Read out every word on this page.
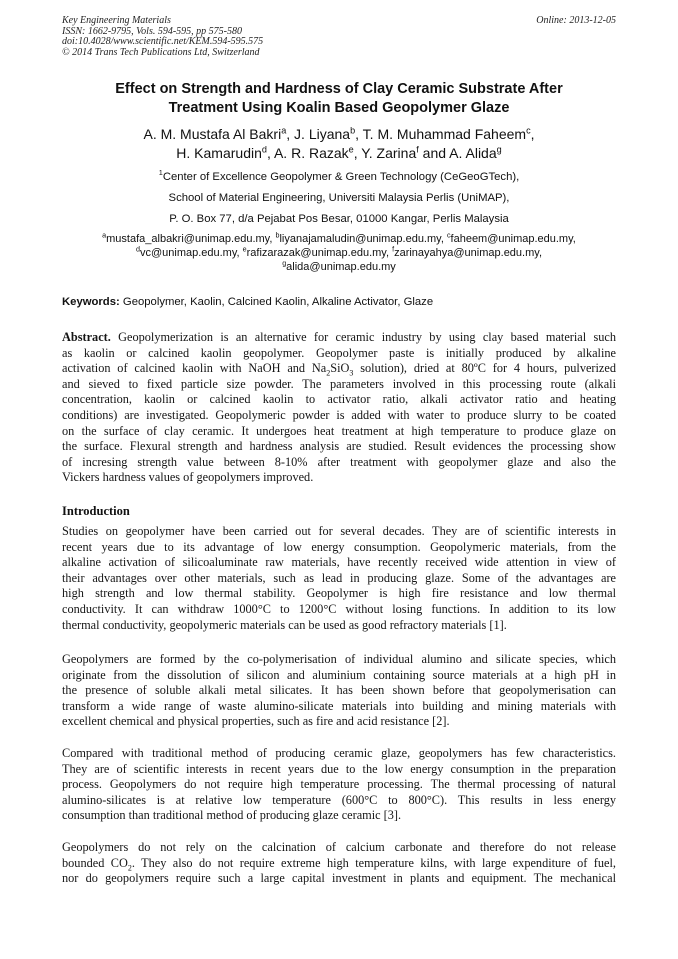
Key Engineering Materials
ISSN: 1662-9795, Vols. 594-595, pp 575-580
doi:10.4028/www.scientific.net/KEM.594-595.575
© 2014 Trans Tech Publications Ltd, Switzerland
Online: 2013-12-05
Effect on Strength and Hardness of Clay Ceramic Substrate After
Treatment Using Koalin Based Geopolymer Glaze
A. M. Mustafa Al Bakri$^a$, J. Liyana$^b$, T. M. Muhammad Faheem$^c$,
H. Kamarudin$^d$, A. R. Razak$^e$, Y. Zarina$^f$ and A. Alida$^g$
$^1$Center of Excellence Geopolymer & Green Technology (CeGeoGTech),
School of Material Engineering, Universiti Malaysia Perlis (UniMAP),
P. O. Box 77, d/a Pejabat Pos Besar, 01000 Kangar, Perlis Malaysia
$^a$mustafa_albakri@unimap.edu.my, $^b$liyanajamaludin@unimap.edu.my, $^c$faheem@unimap.edu.my,
$^d$vc@unimap.edu.my, $^e$rafizarazak@unimap.edu.my, $^f$zarinayahya@unimap.edu.my,
$^g$alida@unimap.edu.my
Keywords: Geopolymer, Kaolin, Calcined Kaolin, Alkaline Activator, Glaze
Abstract. Geopolymerization is an alternative for ceramic industry by using clay based material such
as kaolin or calcined kaolin geopolymer. Geopolymer paste is initially produced by alkaline
activation of calcined kaolin with NaOH and $Na_2SiO_3$ solution), dried at 80ºC for 4 hours, pulverized
and sieved to fixed particle size powder. The parameters involved in this processing route (alkali
concentration, kaolin or calcined kaolin to activator ratio, alkali activator ratio and heating
conditions) are investigated. Geopolymeric powder is added with water to produce slurry to be coated
on the surface of clay ceramic. It undergoes heat treatment at high temperature to produce glaze on
the surface. Flexural strength and hardness analysis are studied. Result evidences the processing show
of incresing strength value between 8-10% after treatment with geopolymer glaze and also the
Vickers hardness values of geopolymers improved.
Introduction
Studies on geopolymer have been carried out for several decades. They are of scientific interests in
recent years due to its advantage of low energy consumption. Geopolymeric materials, from the
alkaline activation of silicoaluminate raw materials, have recently received wide attention in view of
their advantages over other materials, such as lead in producing glaze. Some of the advantages are
high strength and low thermal stability. Geopolymer is high fire resistance and low thermal
conductivity. It can withdraw 1000°C to 1200°C without losing functions. In addition to its low
thermal conductivity, geopolymeric materials can be used as good refractory materials [1].
Geopolymers are formed by the co-polymerisation of individual alumino and silicate species, which
originate from the dissolution of silicon and aluminium containing source materials at a high pH in
the presence of soluble alkali metal silicates. It has been shown before that geopolymerisation can
transform a wide range of waste alumino-silicate materials into building and mining materials with
excellent chemical and physical properties, such as fire and acid resistance [2].
Compared with traditional method of producing ceramic glaze, geopolymers has few characteristics.
They are of scientific interests in recent years due to the low energy consumption in the preparation
process. Geopolymers do not require high temperature processing. The thermal processing of natural
alumino-silicates is at relative low temperature (600°C to 800°C). This results in less energy
consumption than traditional method of producing glaze ceramic [3].
Geopolymers do not rely on the calcination of calcium carbonate and therefore do not release
bounded $CO_2$. They also do not require extreme high temperature kilns, with large expenditure of fuel,
nor do geopolymers require such a large capital investment in plants and equipment. The mechanical
